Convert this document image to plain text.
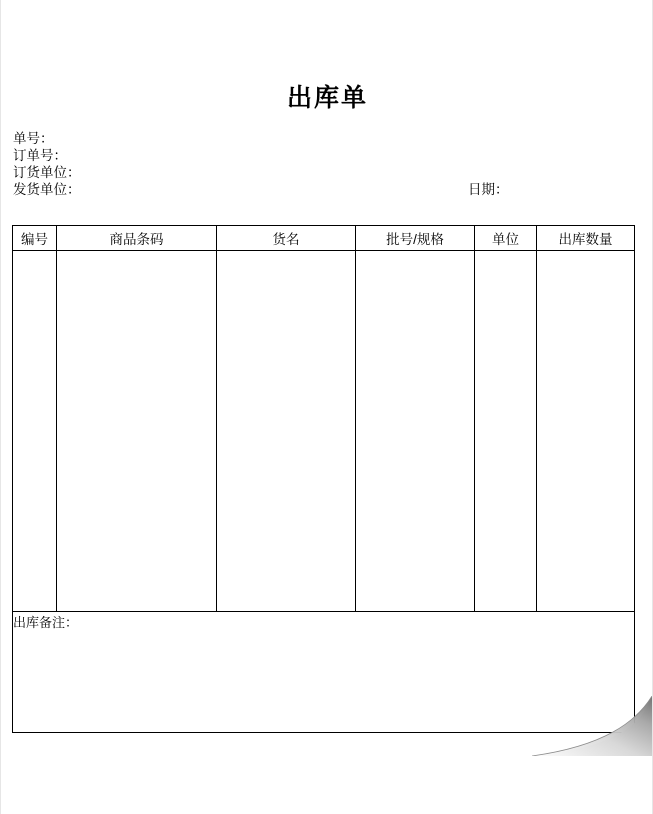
出库单
单号：
订单号：
订货单位：
发货单位：	日期：
编号	商品条码	货名	批号/规格	单位	出库数量

出库备注：					
